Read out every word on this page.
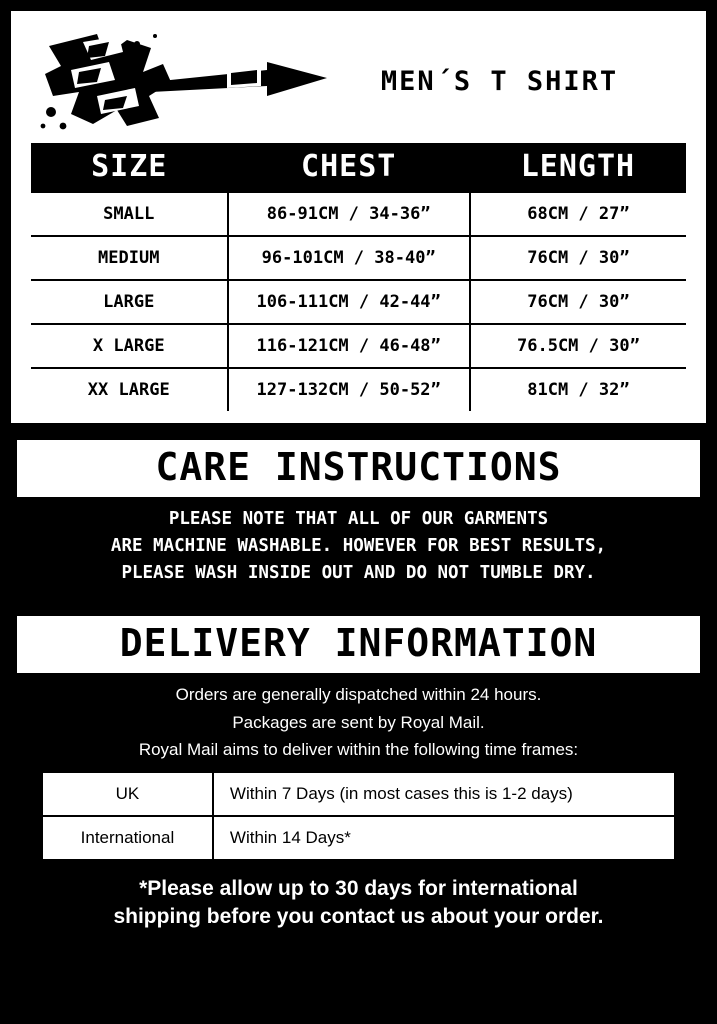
MEN´S T SHIRT
SIZE	CHEST	LENGTH
SMALL	86-91CM / 34-36”	68CM / 27”
MEDIUM	96-101CM / 38-40”	76CM / 30”
LARGE	106-111CM / 42-44”	76CM / 30”
X LARGE	116-121CM / 46-48”	76.5CM / 30”
XX LARGE	127-132CM / 50-52”	81CM / 32”
CARE INSTRUCTIONS
PLEASE NOTE THAT ALL OF OUR GARMENTS
ARE MACHINE WASHABLE. HOWEVER FOR BEST RESULTS,
PLEASE WASH INSIDE OUT AND DO NOT TUMBLE DRY.
DELIVERY INFORMATION
Orders are generally dispatched within 24 hours.
Packages are sent by Royal Mail.
Royal Mail aims to deliver within the following time frames:
UK	Within 7 Days (in most cases this is 1-2 days)
International	Within 14 Days*
*Please allow up to 30 days for international
shipping before you contact us about your order.
